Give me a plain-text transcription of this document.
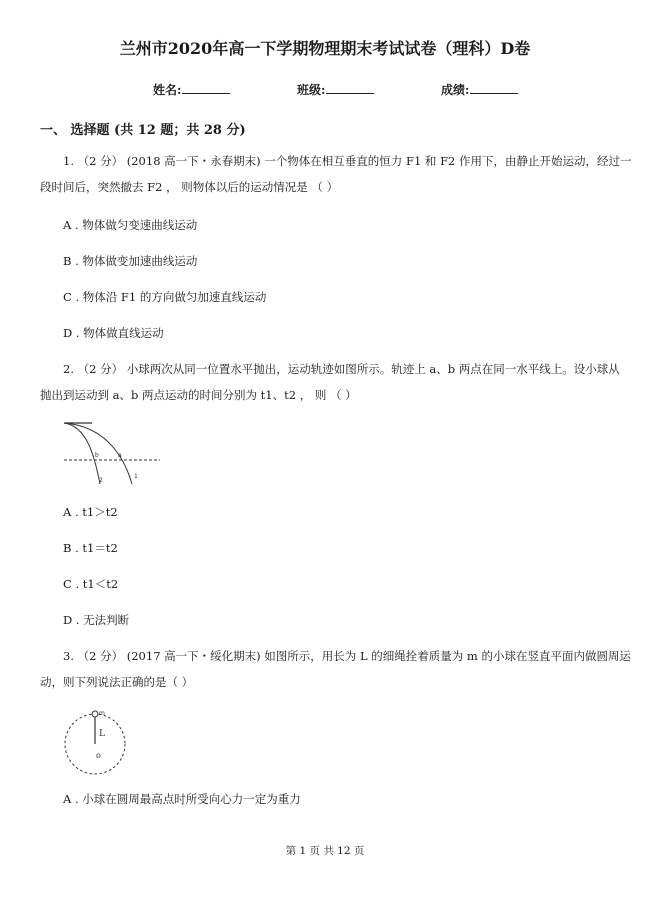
兰州市2020年高一下学期物理期末考试试卷（理科）D卷
姓名:	班级:	成绩:
一、 选择题 (共 12 题；共 28 分)
1. （2 分） (2018 高一下・永春期末) 一个物体在相互垂直的恒力 F1 和 F2 作用下，由静止开始运动，经过一
段时间后，突然撤去 F2 ， 则物体以后的运动情况是 （ ）
A . 物体做匀变速曲线运动
B . 物体做变加速曲线运动
C . 物体沿 F1 的方向做匀加速直线运动
D . 物体做直线运动
2. （2 分） 小球两次从同一位置水平抛出，运动轨迹如图所示。轨迹上 a、b 两点在同一水平线上。设小球从
抛出到运动到 a、b 两点运动的时间分别为 t1、t2 ， 则 （ ）
b	a
2
1
A . t1＞t2
B . t1＝t2
C . t1＜t2
D . 无法判断
3. （2 分） (2017 高一下・绥化期末) 如图所示，用长为 L 的细绳拴着质量为 m 的小球在竖直平面内做圆周运
动，则下列说法正确的是（ ）
m
L
o
A . 小球在圆周最高点时所受向心力一定为重力
第 1 页 共 12 页
